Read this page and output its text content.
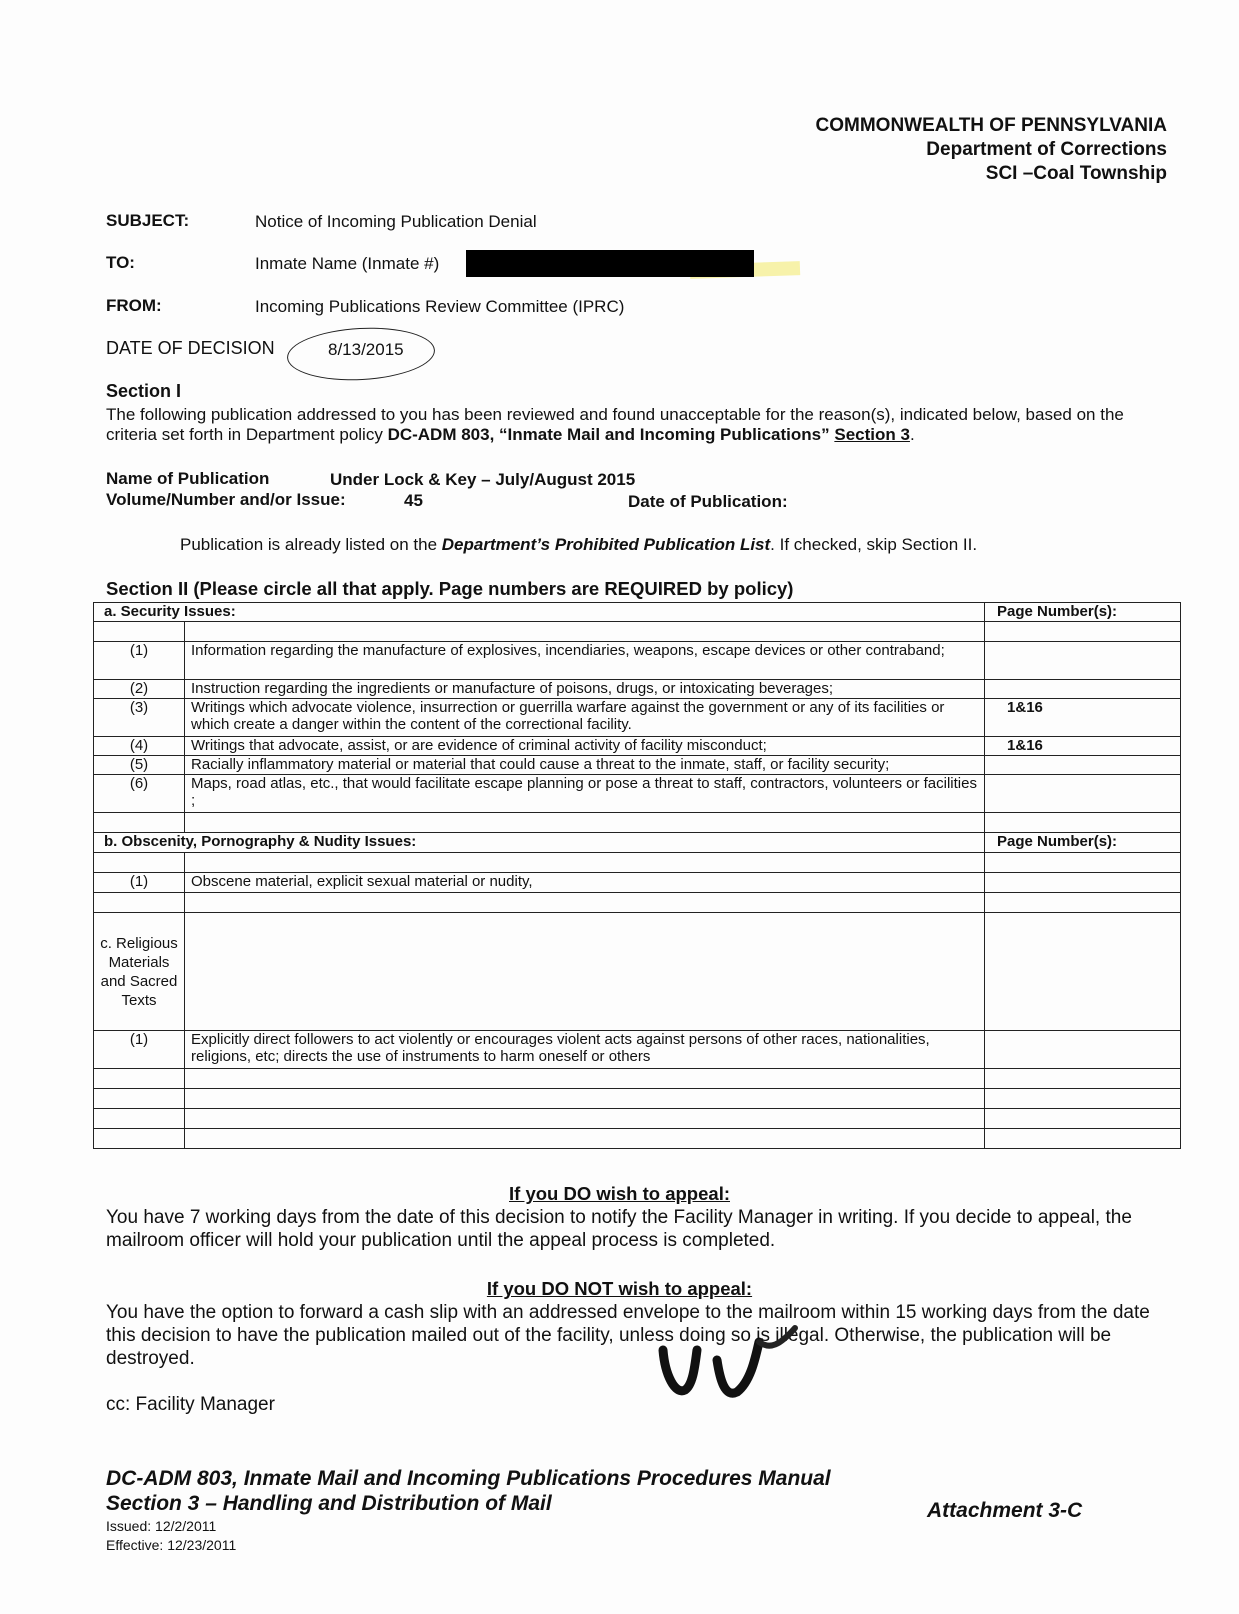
COMMONWEALTH OF PENNSYLVANIA
Department of Corrections
SCI –Coal Township
SUBJECT:	Notice of Incoming Publication Denial
TO:	Inmate Name (Inmate #)
FROM:	Incoming Publications Review Committee (IPRC)
DATE OF DECISION	8/13/2015
Section I
The following publication addressed to you has been reviewed and found unacceptable for the reason(s), indicated below, based on the criteria set forth in Department policy DC-ADM 803, “Inmate Mail and Incoming Publications” Section 3.
Name of Publication	Under Lock & Key – July/August 2015
Volume/Number and/or Issue:	45	Date of Publication:
Publication is already listed on the Department’s Prohibited Publication List. If checked, skip Section II.
Section II (Please circle all that apply. Page numbers are REQUIRED by policy)
a. Security Issues:		Page Number(s):

(1)	Information regarding the manufacture of explosives, incendiaries, weapons, escape devices or other contraband;	
(2)	Instruction regarding the ingredients or manufacture of poisons, drugs, or intoxicating beverages;	
(3)	Writings which advocate violence, insurrection or guerrilla warfare against the government or any of its facilities or which create a danger within the content of the correctional facility.	1&16
(4)	Writings that advocate, assist, or are evidence of criminal activity of facility misconduct;	1&16
(5)	Racially inflammatory material or material that could cause a threat to the inmate, staff, or facility security;	
(6)	Maps, road atlas, etc., that would facilitate escape planning or pose a threat to staff, contractors, volunteers or facilities ;	

b. Obscenity, Pornography & Nudity Issues:		Page Number(s):

(1)	Obscene material, explicit sexual material or nudity,	

c. Religious Materials and Sacred Texts		
(1)	Explicitly direct followers to act violently or encourages violent acts against persons of other races, nationalities, religions, etc; directs the use of instruments to harm oneself or others	

If you DO wish to appeal:
You have 7 working days from the date of this decision to notify the Facility Manager in writing. If you decide to appeal, the mailroom officer will hold your publication until the appeal process is completed.
If you DO NOT wish to appeal:
You have the option to forward a cash slip with an addressed envelope to the mailroom within 15 working days from the date this decision to have the publication mailed out of the facility, unless doing so is illegal. Otherwise, the publication will be destroyed.
cc: Facility Manager
DC-ADM 803, Inmate Mail and Incoming Publications Procedures Manual
Section 3 – Handling and Distribution of Mail	Attachment 3-C
Issued: 12/2/2011
Effective: 12/23/2011
